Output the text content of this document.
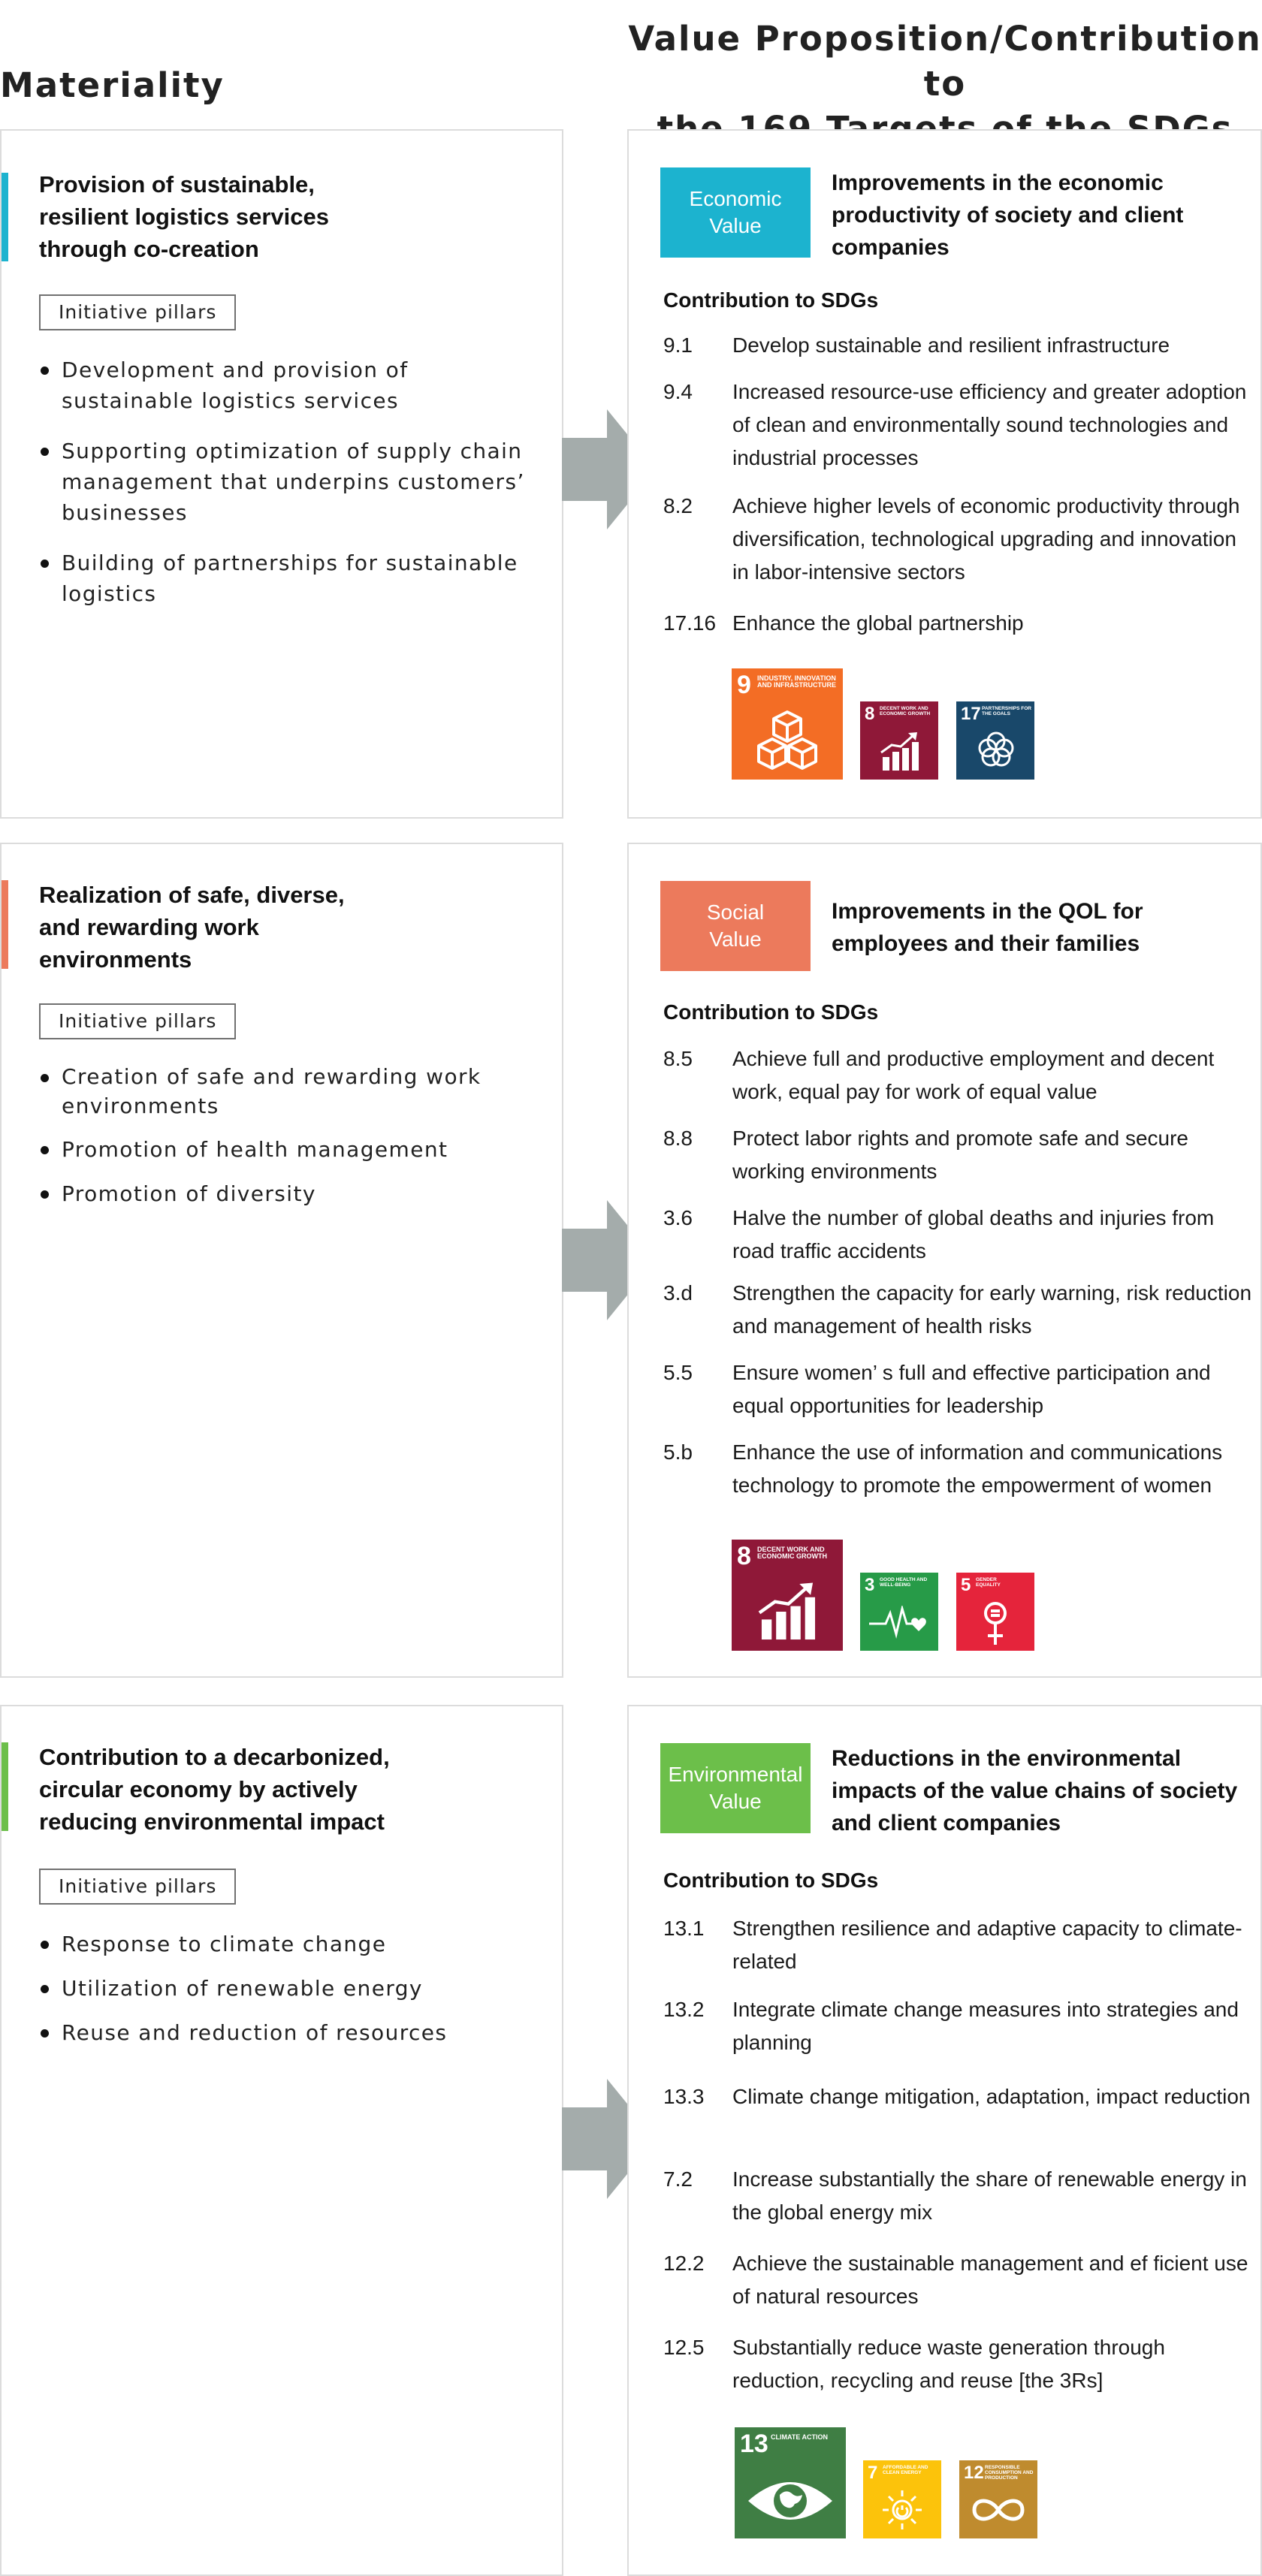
Materiality
Value Proposition/Contribution to
Provision of sustainable,
resilient logistics services
through co-creation
Initiative pillars
Development and provision of sustainable logistics services
Supporting optimization of supply chain management that underpins customers’ businesses
Building of partnerships for sustainable logistics
Economic
Value
Improvements in the economic productivity of society and client companies
Contribution to SDGs
9.1 Develop sustainable and resilient infrastructure
9.4 Increased resource-use efficiency and greater adoption of clean and environmentally sound technologies and industrial processes
8.2 Achieve higher levels of economic productivity through diversification, technological upgrading and innovation in labor-intensive sectors
17.16 Enhance the global partnership
9 INDUSTRY, INNOVATION AND INFRASTRUCTURE
8 DECENT WORK AND ECONOMIC GROWTH 17 PARTNERSHIPS FOR THE GOALS
Realization of safe, diverse,
and rewarding work
environments
Initiative pillars
Creation of safe and rewarding work environments
Promotion of health management
Promotion of diversity
Social
Value
Improvements in the QOL for employees and their families
Contribution to SDGs
8.5 Achieve full and productive employment and decent work, equal pay for work of equal value
8.8 Protect labor rights and promote safe and secure working environments
3.6 Halve the number of global deaths and injuries from road traffic accidents
3.d Strengthen the capacity for early warning, risk reduction and management of health risks
5.5 Ensure women’ s full and effective participation and equal opportunities for leadership
5.b Enhance the use of information and communications technology to promote the empowerment of women
8 DECENT WORK AND ECONOMIC GROWTH
3 GOOD HEALTH AND WELL-BEING	5 GENDER EQUALITY
Contribution to a decarbonized,
circular economy by actively
reducing environmental impact
Initiative pillars
Response to climate change
Utilization of renewable energy
Reuse and reduction of resources
Environmental
Value
Reductions in the environmental impacts of the value chains of society and client companies
Contribution to SDGs
13.1 Strengthen resilience and adaptive capacity to climate-related
13.2 Integrate climate change measures into strategies and planning
13.3 Climate change mitigation, adaptation, impact reduction
7.2 Increase substantially the share of renewable energy in the global energy mix
12.2 Achieve the sustainable management and ef ficient use of natural resources
12.5 Substantially reduce waste generation through reduction, recycling and reuse [the 3Rs]
13 CLIMATE ACTION
7 AFFORDABLE AND CLEAN ENERGY	12 RESPONSIBLE CONSUMPTION AND PRODUCTION
